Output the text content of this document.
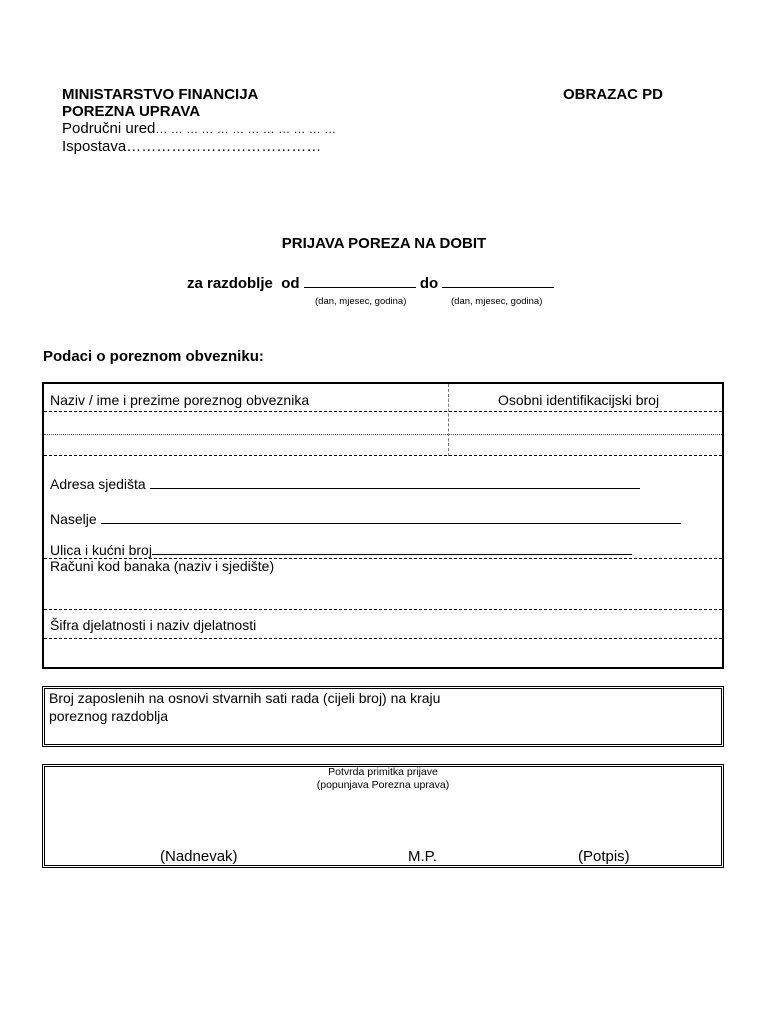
MINISTARSTVO FINANCIJA
POREZNA UPRAVA
Područni ured… … … … … … … … … … … …
Ispostava…………………………………
OBRAZAC PD
PRIJAVA POREZA NA DOBIT
za razdoblje od	do
(dan, mjesec, godina)	(dan, mjesec, godina)
Podaci o poreznom obvezniku:
Naziv / ime i prezime poreznog obveznika	Osobni identifikacijski broj
Adresa sjedišta
Naselje
Ulica i kućni broj
Računi kod banaka (naziv i sjedište)
Šifra djelatnosti i naziv djelatnosti
Broj zaposlenih na osnovi stvarnih sati rada (cijeli broj) na kraju
poreznog razdoblja
Potvrda primitka prijave
(popunjava Porezna uprava)
(Nadnevak)	M.P.	(Potpis)
